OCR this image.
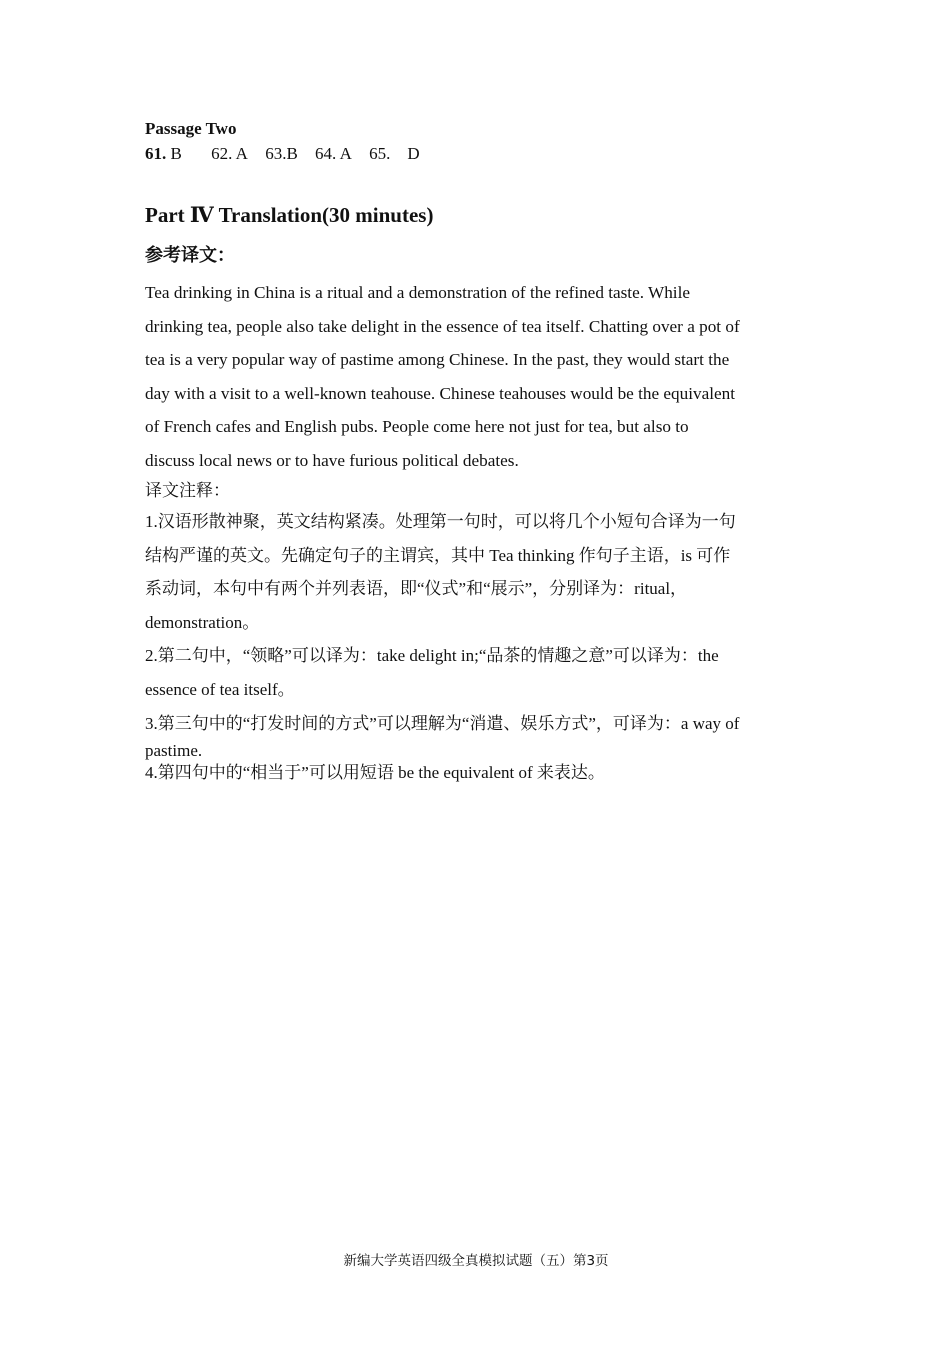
Passage Two
61. B 62. A 63.B 64. A 65. D
Part Ⅳ Translation(30 minutes)
参考译文：
Tea drinking in China is a ritual and a demonstration of the refined taste. While
drinking tea, people also take delight in the essence of tea itself. Chatting over a pot of
tea is a very popular way of pastime among Chinese. In the past, they would start the
day with a visit to a well-known teahouse. Chinese teahouses would be the equivalent
of French cafes and English pubs. People come here not just for tea, but also to
discuss local news or to have furious political debates.
译文注释：
1.汉语形散神聚，英文结构紧凑。处理第一句时，可以将几个小短句合译为一句
结构严谨的英文。先确定句子的主谓宾，其中 Tea thinking 作句子主语，is 可作
系动词，本句中有两个并列表语，即“仪式”和“展示”，分别译为：ritual，
demonstration。
2.第二句中，“领略”可以译为：take delight in;“品茶的情趣之意”可以译为：the
essence of tea itself。
3.第三句中的“打发时间的方式”可以理解为“消遣、娱乐方式”，可译为：a way of
pastime.
4.第四句中的“相当于”可以用短语 be the equivalent of 来表达。
新编大学英语四级全真模拟试题（五）第3页
